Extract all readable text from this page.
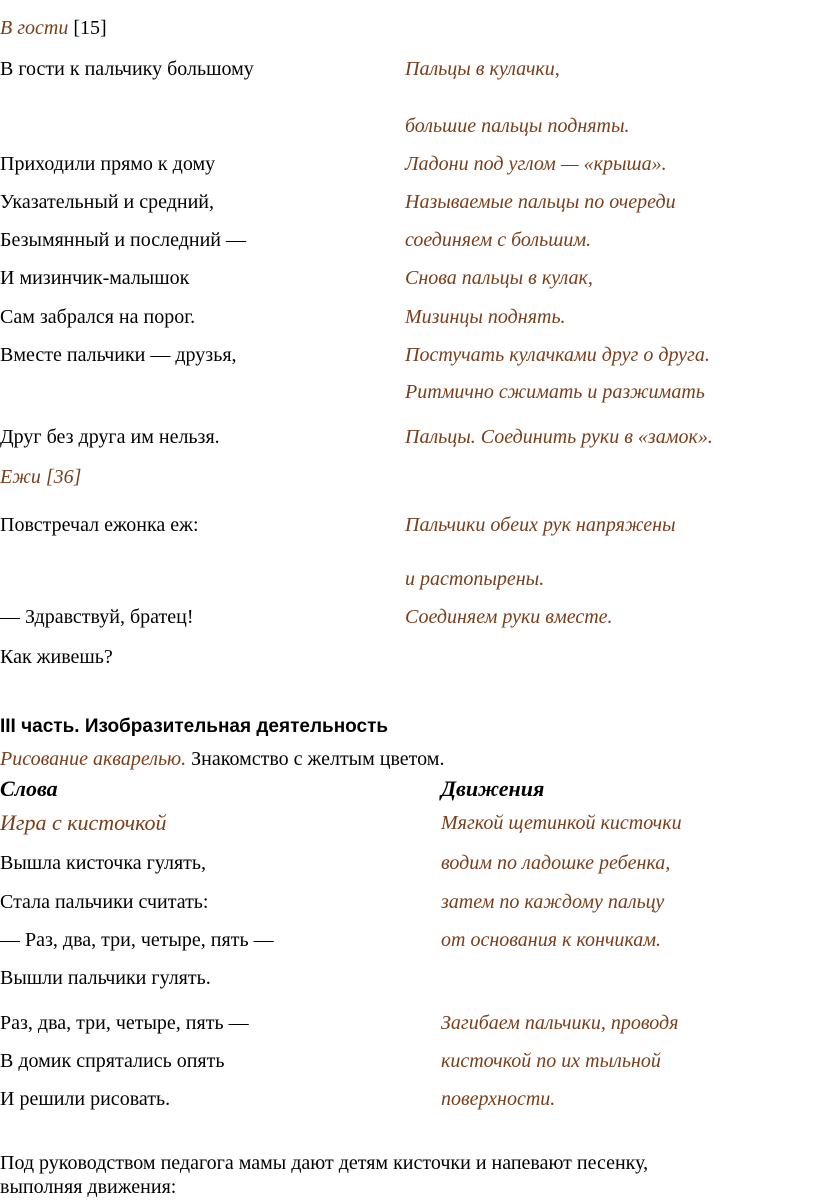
В гости [15]
В гости к пальчику большому
Приходили прямо к дому
Указательный и средний,
Безымянный и последний —
И мизинчик-малышок
Сам забрался на порог.
Вместе пальчики — друзья,
Друг без друга им нельзя.
Пальцы в кулачки,
большие пальцы подняты.
Ладони под углом — «крыша».
Называемые пальцы по очереди
соединяем с большим.
Снова пальцы в кулак,
Мизинцы поднять.
Постучать кулачками друг о друга.
Ритмично сжимать и разжимать
Пальцы. Соединить руки в «замок».
Ежи [36]
Повстречал ежонка еж:
— Здравствуй, братец!
Как живешь?
Пальчики обеих рук напряжены
и растопырены.
Соединяем руки вместе.
III часть. Изобразительная деятельность
Рисование акварелью. Знакомство с желтым цветом.
Слова	Движения
Игра с кисточкой
Вышла кисточка гулять,
Стала пальчики считать:
— Раз, два, три, четыре, пять —
Вышли пальчики гулять.
Раз, два, три, четыре, пять —
В домик спрятались опять
И решили рисовать.
Мягкой щетинкой кисточки
водим по ладошке ребенка,
затем по каждому пальцу
от основания к кончикам.
Загибаем пальчики, проводя
кисточкой по их тыльной
поверхности.
Под руководством педагога мамы дают детям кисточки и напевают песенку,
выполняя движения:
